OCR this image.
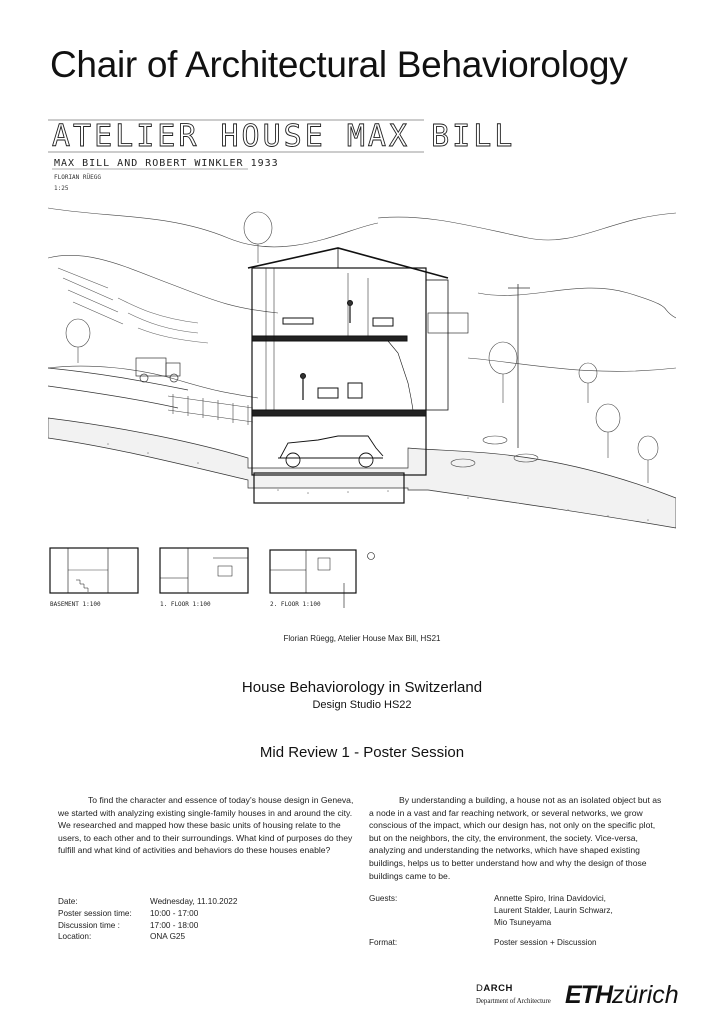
Chair of Architectural Behaviorology
ATELIER HOUSE MAX BILL
MAX BILL AND ROBERT WINKLER 1933
FLORIAN RÜEGG
1:25
BASEMENT 1:100	1. FLOOR 1:100	2. FLOOR 1:100
Florian Rüegg, Atelier House Max Bill, HS21
House Behaviorology in Switzerland
Design Studio HS22
Mid Review 1 - Poster Session

To find the character and essence of today's house design in Geneva, we started with analyzing existing single-family houses in and around the city. We researched and mapped how these basic units of housing relate to the users, to each other and to their surroundings. What kind of purposes do they fulfill and what kind of activities and behaviors do these houses enable?

By understanding a building, a house not as an isolated object but as a node in a vast and far reaching network, or several networks, we grow conscious of the impact, which our design has, not only on the specific plot, but on the neighbors, the city, the environment, the society. Vice-versa, analyzing and understanding the networks, which have shaped existing buildings, helps us to better understand how and why the design of those buildings came to be.

Date:	Wednesday, 11.10.2022
Poster session time:	10:00 - 17:00
Discussion time :	17:00 - 18:00
Location:	ONA G25
Guests:	Annette Spiro, Irina Davidovici,
Laurent Stalder, Laurin Schwarz,
Mio Tsuneyama
Format:	Poster session + Discussion
DARCH
Department of Architecture ETHzürich
